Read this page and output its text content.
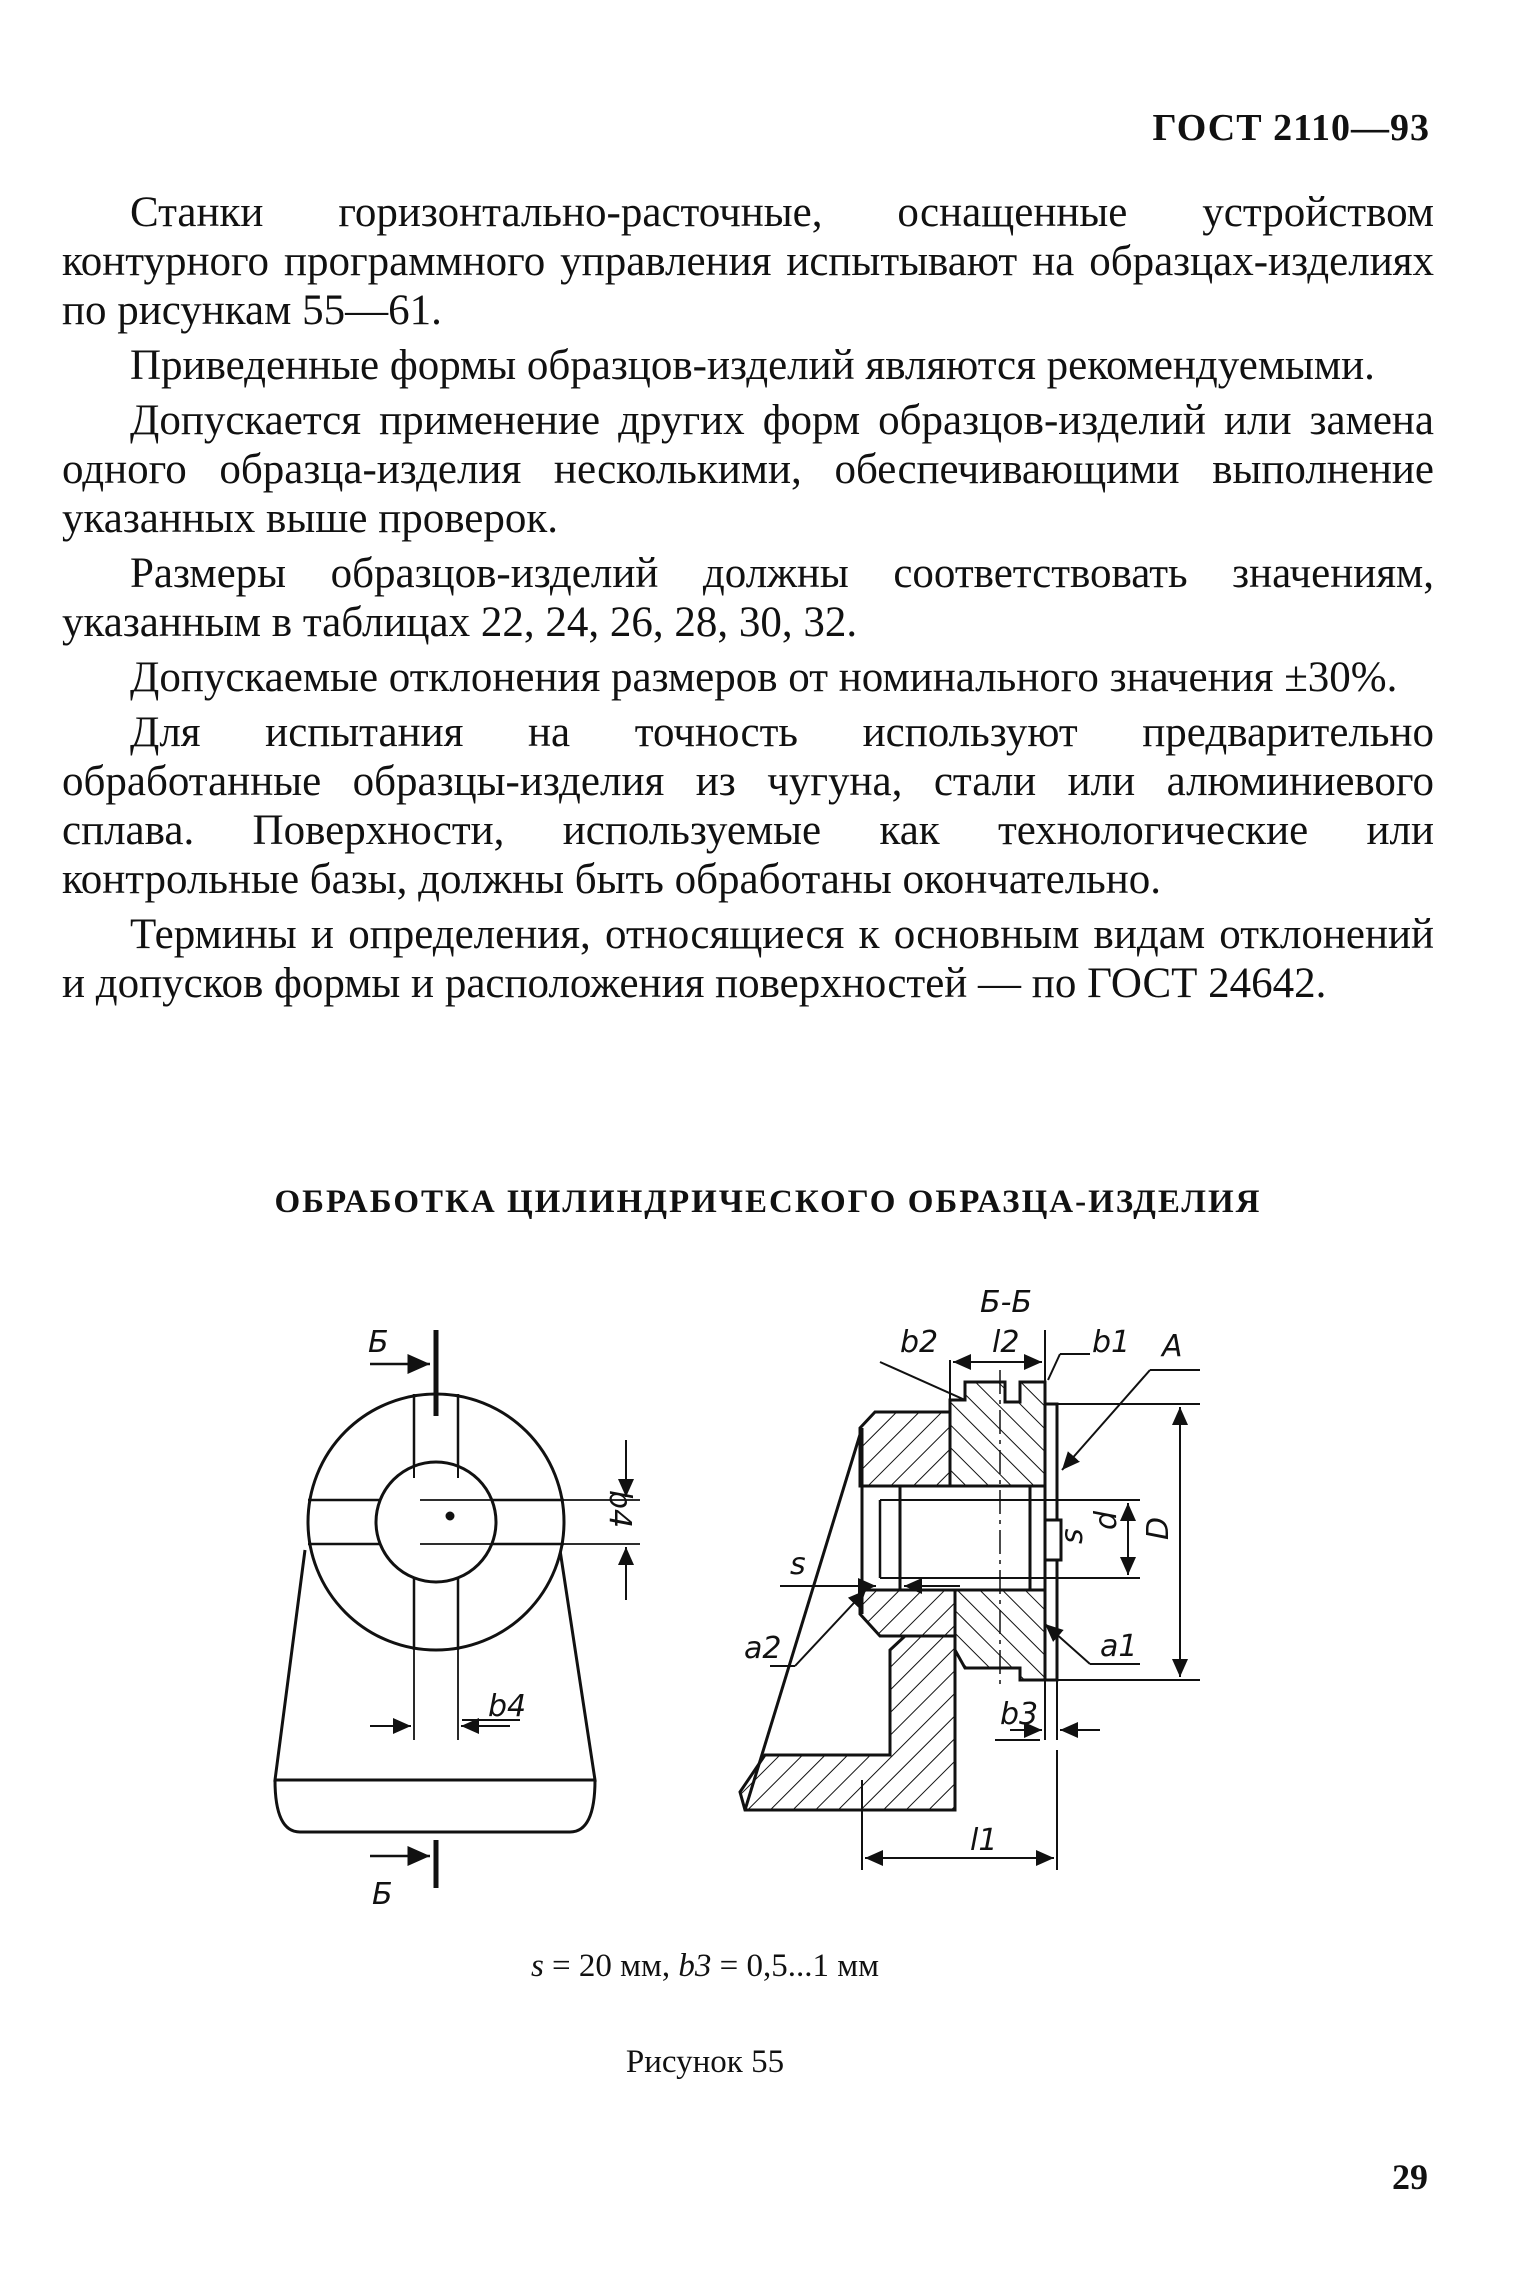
ГОСТ 2110—93

Станки горизонтально-расточные, оснащенные устройством контурного программного управления испытывают на образцах-изделиях по рисункам 55—61.

Приведенные формы образцов-изделий являются рекомендуемыми.

Допускается применение других форм образцов-изделий или замена одного образца-изделия несколькими, обеспечивающими выполнение указанных выше проверок.

Размеры образцов-изделий должны соответствовать значениям, указанным в таблицах 22, 24, 26, 28, 30, 32.

Допускаемые отклонения размеров от номинального значения ±30%.

Для испытания на точность используют предварительно обработанные образцы-изделия из чугуна, стали или алюминиевого сплава. Поверхности, используемые как технологические или контрольные базы, должны быть обработаны окончательно.

Термины и определения, относящиеся к основным видам отклонений и допусков формы и расположения поверхностей — по ГОСТ 24642.

ОБРАБОТКА ЦИЛИНДРИЧЕСКОГО ОБРАЗЦА-ИЗДЕЛИЯ
Б
Б
b4
b4
Б-Б
b2 l2 b1 A
s
s
d D
a2	a1
b3
l1
s = 20 мм, b3 = 0,5...1 мм
Рисунок 55
29
